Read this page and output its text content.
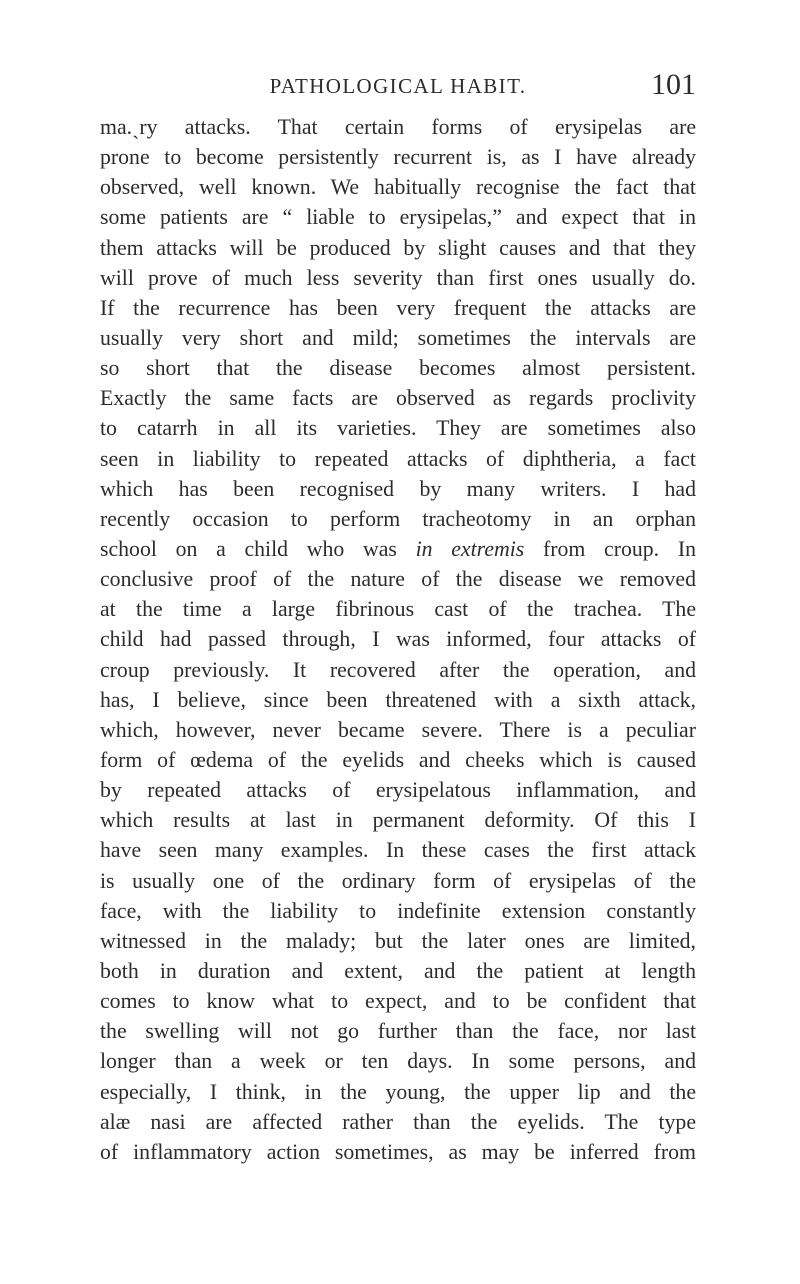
PATHOLOGICAL HABIT.	101
ma.ˎry attacks. That certain forms of erysipelas are
prone to become persistently recurrent is, as I have already
observed, well known. We habitually recognise the fact that
some patients are “ liable to erysipelas,” and expect that in
them attacks will be produced by slight causes and that they
will prove of much less severity than first ones usually do.
If the recurrence has been very frequent the attacks are
usually very short and mild; sometimes the intervals are
so short that the disease becomes almost persistent.
Exactly the same facts are observed as regards proclivity
to catarrh in all its varieties. They are sometimes also
seen in liability to repeated attacks of diphtheria, a fact
which has been recognised by many writers. I had
recently occasion to perform tracheotomy in an orphan
school on a child who was in extremis from croup. In
conclusive proof of the nature of the disease we removed
at the time a large fibrinous cast of the trachea. The
child had passed through, I was informed, four attacks of
croup previously. It recovered after the operation, and
has, I believe, since been threatened with a sixth attack,
which, however, never became severe. There is a peculiar
form of œdema of the eyelids and cheeks which is caused
by repeated attacks of erysipelatous inflammation, and
which results at last in permanent deformity. Of this I
have seen many examples. In these cases the first attack
is usually one of the ordinary form of erysipelas of the
face, with the liability to indefinite extension constantly
witnessed in the malady; but the later ones are limited,
both in duration and extent, and the patient at length
comes to know what to expect, and to be confident that
the swelling will not go further than the face, nor last
longer than a week or ten days. In some persons, and
especially, I think, in the young, the upper lip and the
alæ nasi are affected rather than the eyelids. The type
of inflammatory action sometimes, as may be inferred from
